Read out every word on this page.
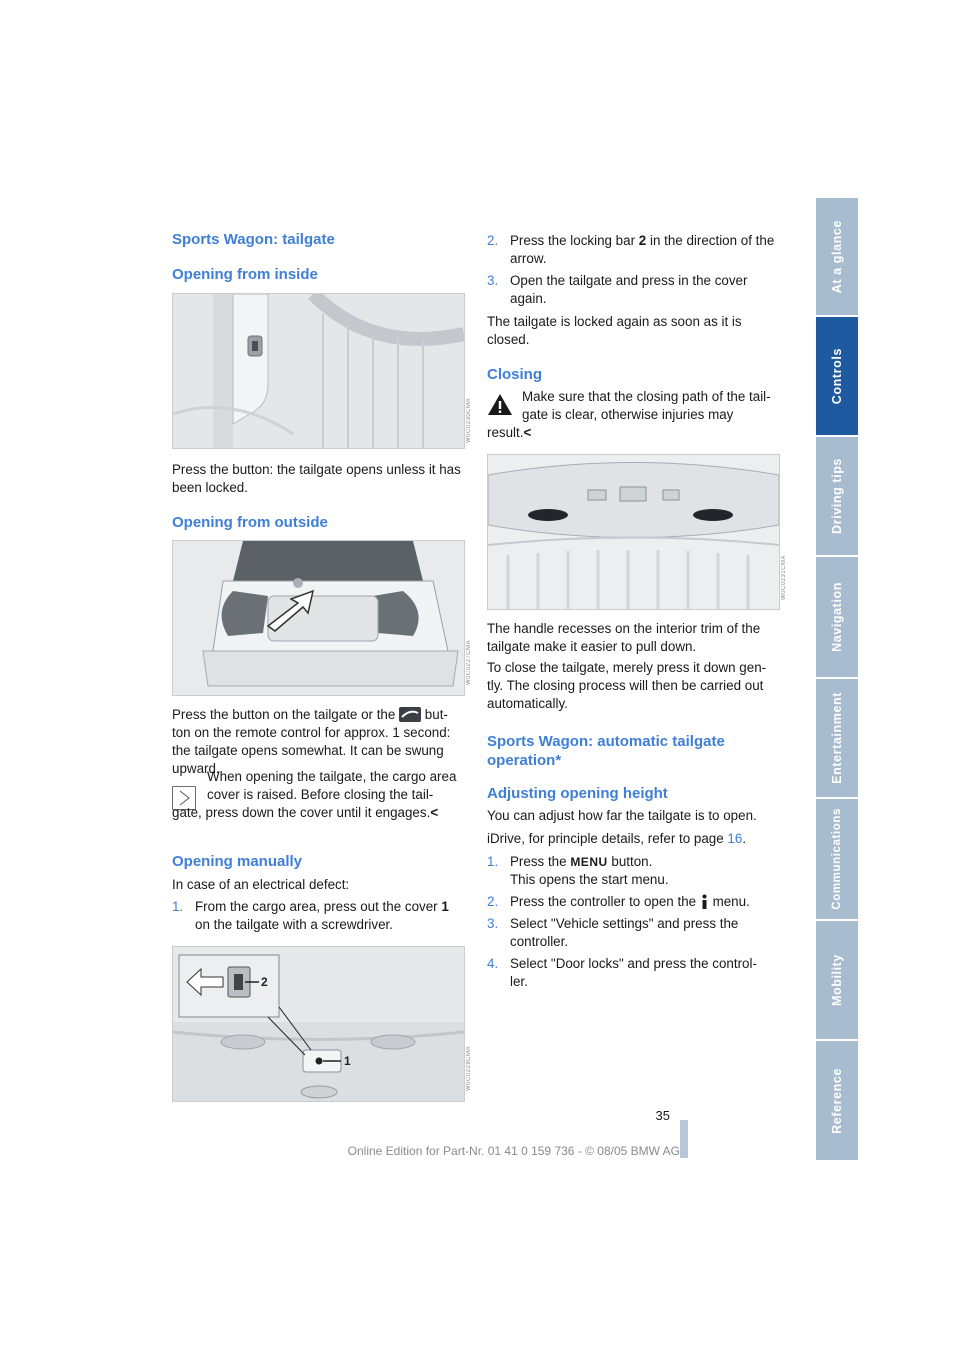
At a glance
Controls
Driving tips
Navigation
Entertainment
Communications
Mobility
Reference
Sports Wagon: tailgate
Opening from inside
W0C0230CMA
Press the button: the tailgate opens unless it has been locked.
Opening from outside
W0C0227CMA
Press the button on the tailgate or the but- ton on the remote control for approx. 1 second: the tailgate opens somewhat. It can be swung upward.
When opening the tailgate, the cargo area
cover is raised. Before closing the tail-
gate, press down the cover until it engages.<
Opening manually
In case of an electrical defect:
1. From the cargo area, press out the cover 1 on the tailgate with a screwdriver.
1
2
W0C0228CMA
2. Press the locking bar 2 in the direction of the arrow.
3. Open the tailgate and press in the cover again.
The tailgate is locked again as soon as it is closed.
Closing
Make sure that the closing path of the tail-
gate is clear, otherwise injuries may
result.<
W0C0231CMA
The handle recesses on the interior trim of the tailgate make it easier to pull down.
To close the tailgate, merely press it down gen-tly. The closing process will then be carried out automatically.
Sports Wagon: automatic tailgate operation*
Adjusting opening height
You can adjust how far the tailgate is to open.
iDrive, for principle details, refer to page 16.
1. Press the MENU button.
This opens the start menu.
2. Press the controller to open the menu.
3. Select "Vehicle settings" and press the controller.
4. Select "Door locks" and press the control-ler.
35
Online Edition for Part-Nr. 01 41 0 159 736 - © 08/05 BMW AG
